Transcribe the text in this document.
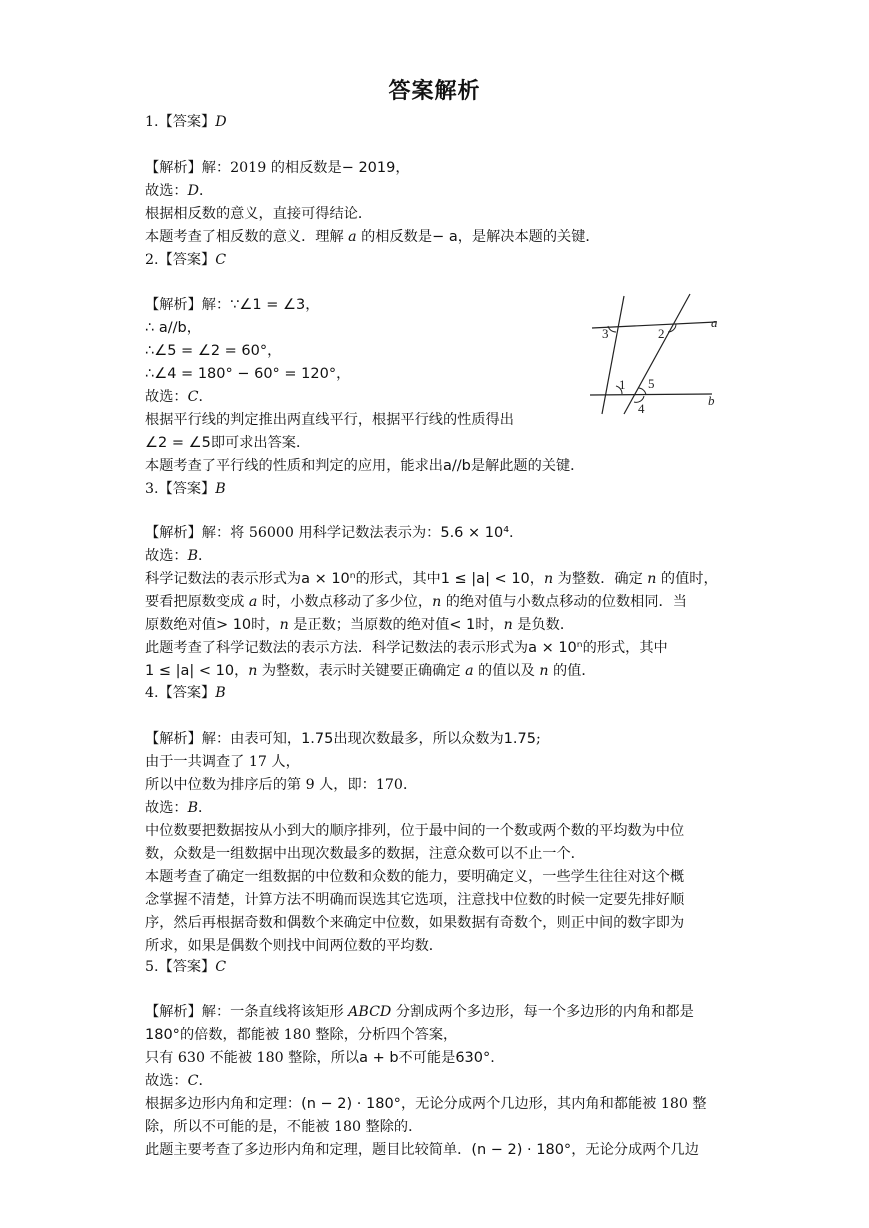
答案解析
1.【答案】D
【解析】解：2019 的相反数是− 2019，
故选：D．
根据相反数的意义，直接可得结论．
本题考查了相反数的意义．理解 a 的相反数是− a，是解决本题的关键．
2.【答案】C
【解析】解：∵∠1 = ∠3，
∴ a//b，
∴∠5 = ∠2 = 60°，
∴∠4 = 180° − 60° = 120°，
故选：C．
根据平行线的判定推出两直线平行，根据平行线的性质得出
∠2 = ∠5即可求出答案．
本题考查了平行线的性质和判定的应用，能求出a//b是解此题的关键．
3	2
1 5
4
a
b
3.【答案】B
【解析】解：将 56000 用科学记数法表示为：5.6 × 10⁴.
故选：B．
科学记数法的表示形式为a × 10ⁿ的形式，其中1 ≤ |a| < 10，n 为整数．确定 n 的值时，
要看把原数变成 a 时，小数点移动了多少位，n 的绝对值与小数点移动的位数相同．当
原数绝对值> 10时，n 是正数；当原数的绝对值< 1时，n 是负数．
此题考查了科学记数法的表示方法．科学记数法的表示形式为a × 10ⁿ的形式，其中
1 ≤ |a| < 10，n 为整数，表示时关键要正确确定 a 的值以及 n 的值．
4.【答案】B
【解析】解：由表可知，1.75出现次数最多，所以众数为1.75;
由于一共调查了 17 人，
所以中位数为排序后的第 9 人，即：170．
故选：B．
中位数要把数据按从小到大的顺序排列，位于最中间的一个数或两个数的平均数为中位
数，众数是一组数据中出现次数最多的数据，注意众数可以不止一个．
本题考查了确定一组数据的中位数和众数的能力，要明确定义，一些学生往往对这个概
念掌握不清楚，计算方法不明确而误选其它选项，注意找中位数的时候一定要先排好顺
序，然后再根据奇数和偶数个来确定中位数，如果数据有奇数个，则正中间的数字即为
所求，如果是偶数个则找中间两位数的平均数．
5.【答案】C
【解析】解：一条直线将该矩形 ABCD 分割成两个多边形，每一个多边形的内角和都是
180°的倍数，都能被 180 整除，分析四个答案，
只有 630 不能被 180 整除，所以a + b不可能是630°.
故选：C．
根据多边形内角和定理：(n − 2) · 180°，无论分成两个几边形，其内角和都能被 180 整
除，所以不可能的是，不能被 180 整除的．
此题主要考查了多边形内角和定理，题目比较简单．(n − 2) · 180°，无论分成两个几边
